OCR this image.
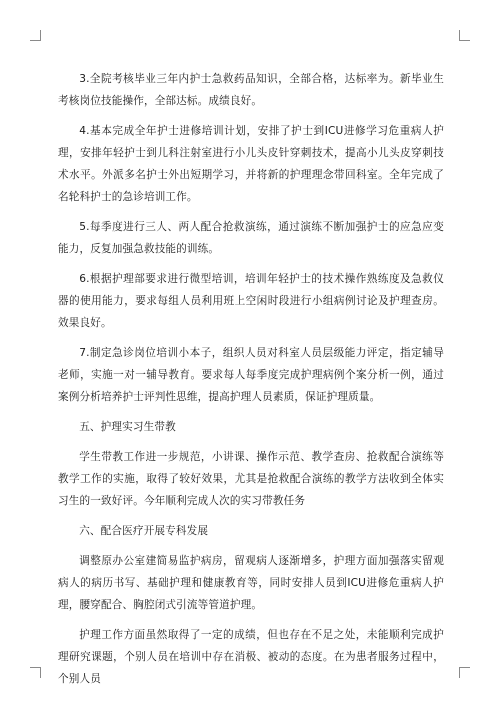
3.全院考核毕业三年内护士急救药品知识，全部合格，达标率为。新毕业生考核岗位技能操作，全部达标。成绩良好。

4.基本完成全年护士进修培训计划，安排了护士到ICU进修学习危重病人护理，安排年轻护士到儿科注射室进行小儿头皮针穿刺技术，提高小儿头皮穿刺技术水平。外派多名护士外出短期学习，并将新的护理理念带回科室。全年完成了名轮科护士的急诊培训工作。

5.每季度进行三人、两人配合抢救演练，通过演练不断加强护士的应急应变能力，反复加强急救技能的训练。

6.根据护理部要求进行微型培训，培训年轻护士的技术操作熟练度及急救仪器的使用能力，要求每组人员利用班上空闲时段进行小组病例讨论及护理查房。效果良好。

7.制定急诊岗位培训小本子，组织人员对科室人员层级能力评定，指定辅导老师，实施一对一辅导教育。要求每人每季度完成护理病例个案分析一例，通过案例分析培养护士评判性思维，提高护理人员素质，保证护理质量。

五、护理实习生带教

学生带教工作进一步规范，小讲课、操作示范、教学查房、抢救配合演练等教学工作的实施，取得了较好效果，尤其是抢救配合演练的教学方法收到全体实习生的一致好评。今年顺利完成人次的实习带教任务

六、配合医疗开展专科发展

调整原办公室建简易监护病房，留观病人逐渐增多，护理方面加强落实留观病人的病历书写、基础护理和健康教育等，同时安排人员到ICU进修危重病人护理，腰穿配合、胸腔闭式引流等管道护理。

护理工作方面虽然取得了一定的成绩，但也存在不足之处，未能顺利完成护理研究课题，个别人员在培训中存在消极、被动的态度。在为患者服务过程中，个别人员
